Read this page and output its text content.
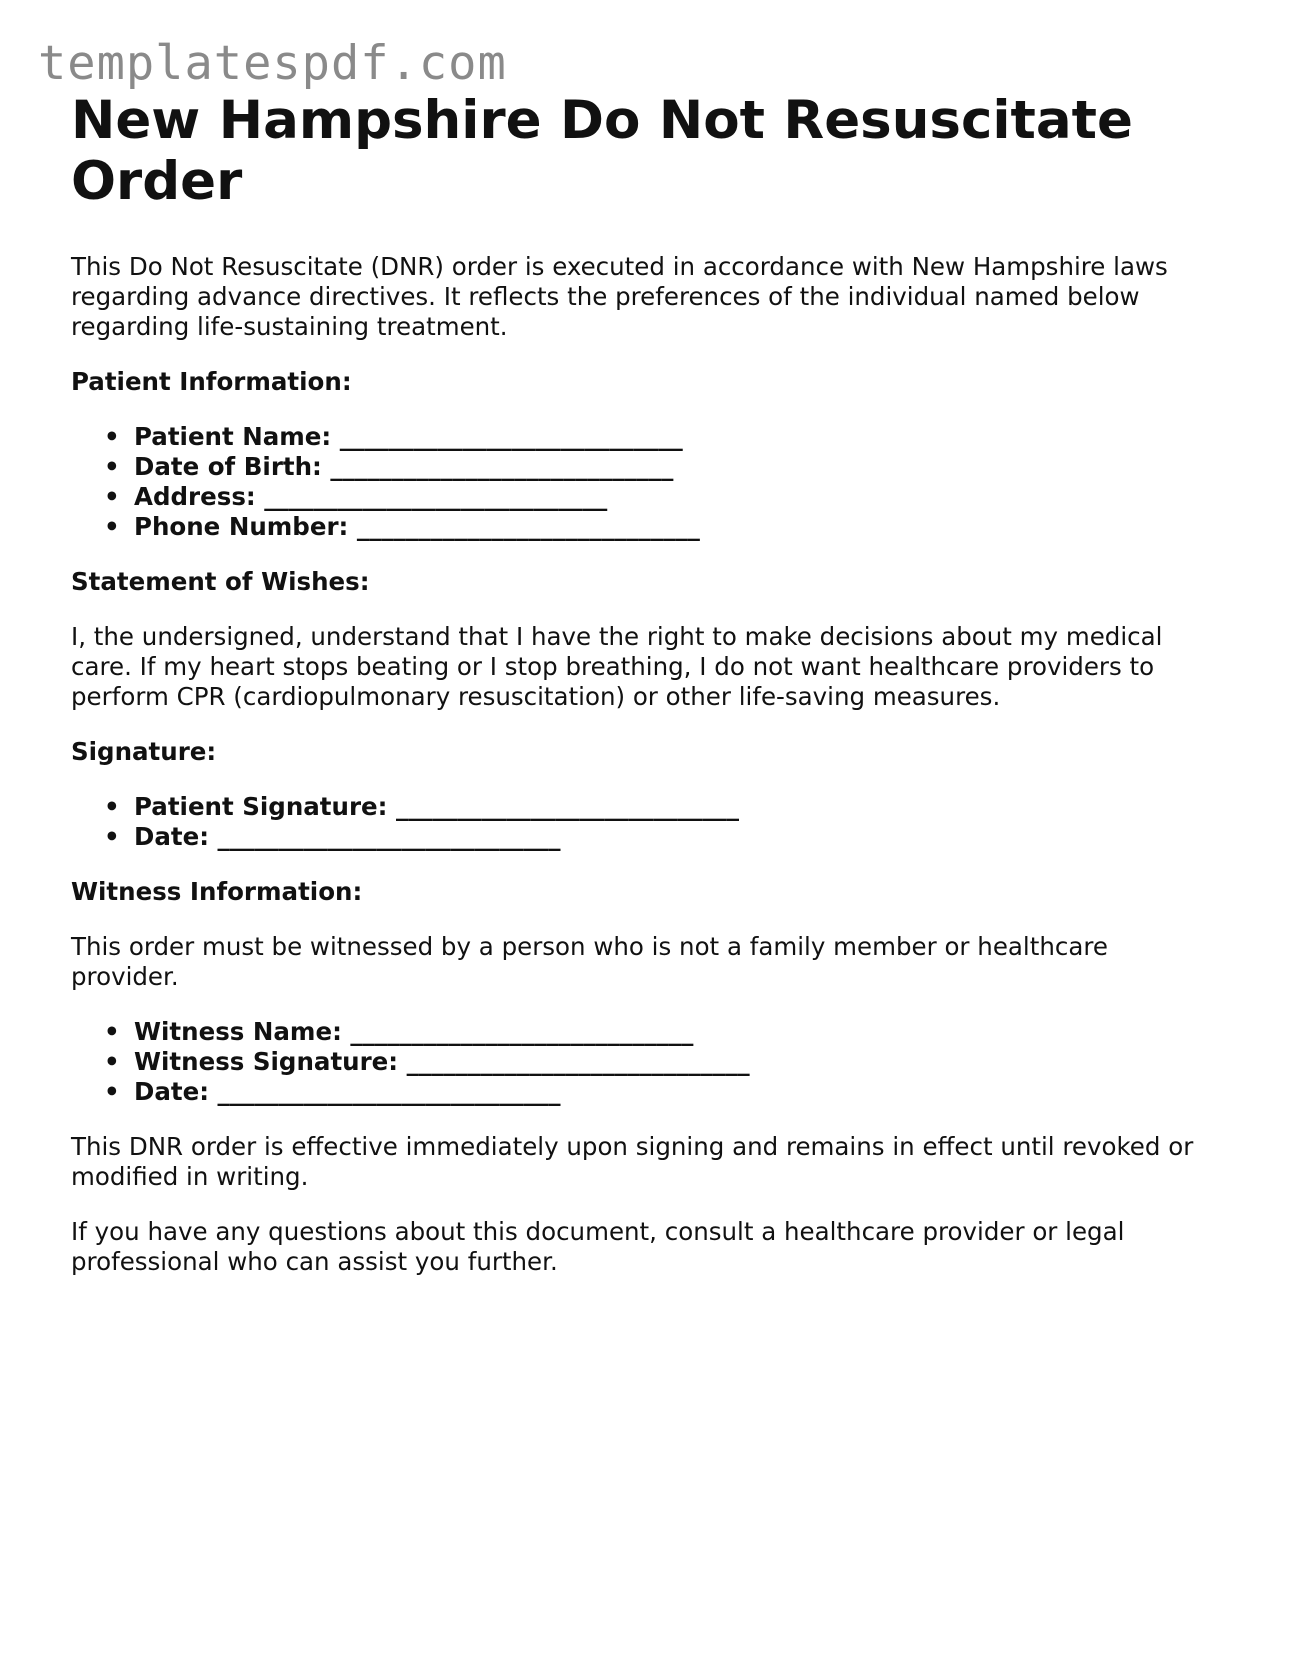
templatespdf.com
New Hampshire Do Not Resuscitate Order

This Do Not Resuscitate (DNR) order is executed in accordance with New Hampshire laws regarding advance directives. It reflects the preferences of the individual named below regarding life-sustaining treatment.

Patient Information:
• Patient Name: ____________________________
• Date of Birth: ____________________________
• Address: ____________________________
• Phone Number: ____________________________
Statement of Wishes:

I, the undersigned, understand that I have the right to make decisions about my medical care. If my heart stops beating or I stop breathing, I do not want healthcare providers to perform CPR (cardiopulmonary resuscitation) or other life-saving measures.

Signature:
• Patient Signature: ____________________________
• Date: ____________________________
Witness Information:

This order must be witnessed by a person who is not a family member or healthcare provider.

• Witness Name: ____________________________
• Witness Signature: ____________________________
• Date: ____________________________

This DNR order is effective immediately upon signing and remains in effect until revoked or modified in writing.

If you have any questions about this document, consult a healthcare provider or legal professional who can assist you further.
